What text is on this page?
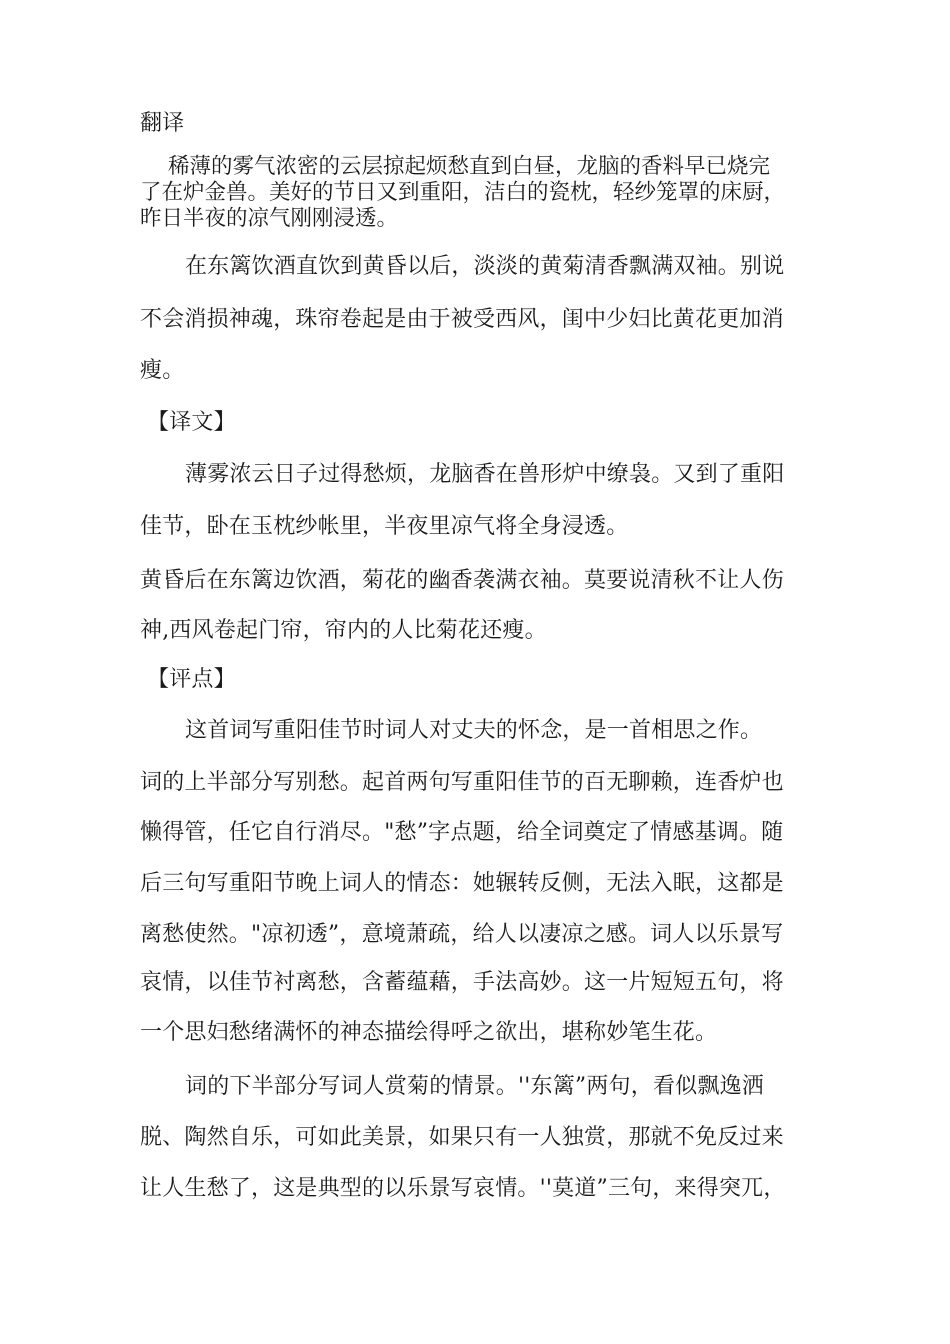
翻译
稀薄的雾气浓密的云层掠起烦愁直到白昼，龙脑的香料早已烧完
了在炉金兽。美好的节日又到重阳，洁白的瓷枕，轻纱笼罩的床厨，
昨日半夜的凉气刚刚浸透。
在东篱饮酒直饮到黄昏以后，淡淡的黄菊清香飘满双袖。别说
不会消损神魂，珠帘卷起是由于被受西风，闺中少妇比黄花更加消
瘦。
【译文】
薄雾浓云日子过得愁烦，龙脑香在兽形炉中缭袅。又到了重阳
佳节，卧在玉枕纱帐里，半夜里凉气将全身浸透。
黄昏后在东篱边饮酒，菊花的幽香袭满衣袖。莫要说清秋不让人伤
神,西风卷起门帘，帘内的人比菊花还瘦。
【评点】
这首词写重阳佳节时词人对丈夫的怀念，是一首相思之作。
词的上半部分写别愁。起首两句写重阳佳节的百无聊赖，连香炉也
懒得管，任它自行消尽。"愁”字点题，给全词奠定了情感基调。随
后三句写重阳节晚上词人的情态：她辗转反侧，无法入眠，这都是
离愁使然。"凉初透”，意境萧疏，给人以凄凉之感。词人以乐景写
哀情，以佳节衬离愁，含蓄蕴藉，手法高妙。这一片短短五句，将
一个思妇愁绪满怀的神态描绘得呼之欲出，堪称妙笔生花。
词的下半部分写词人赏菊的情景。''东篱”两句，看似飘逸洒
脱、陶然自乐，可如此美景，如果只有一人独赏，那就不免反过来
让人生愁了，这是典型的以乐景写哀情。''莫道”三句，来得突兀，
